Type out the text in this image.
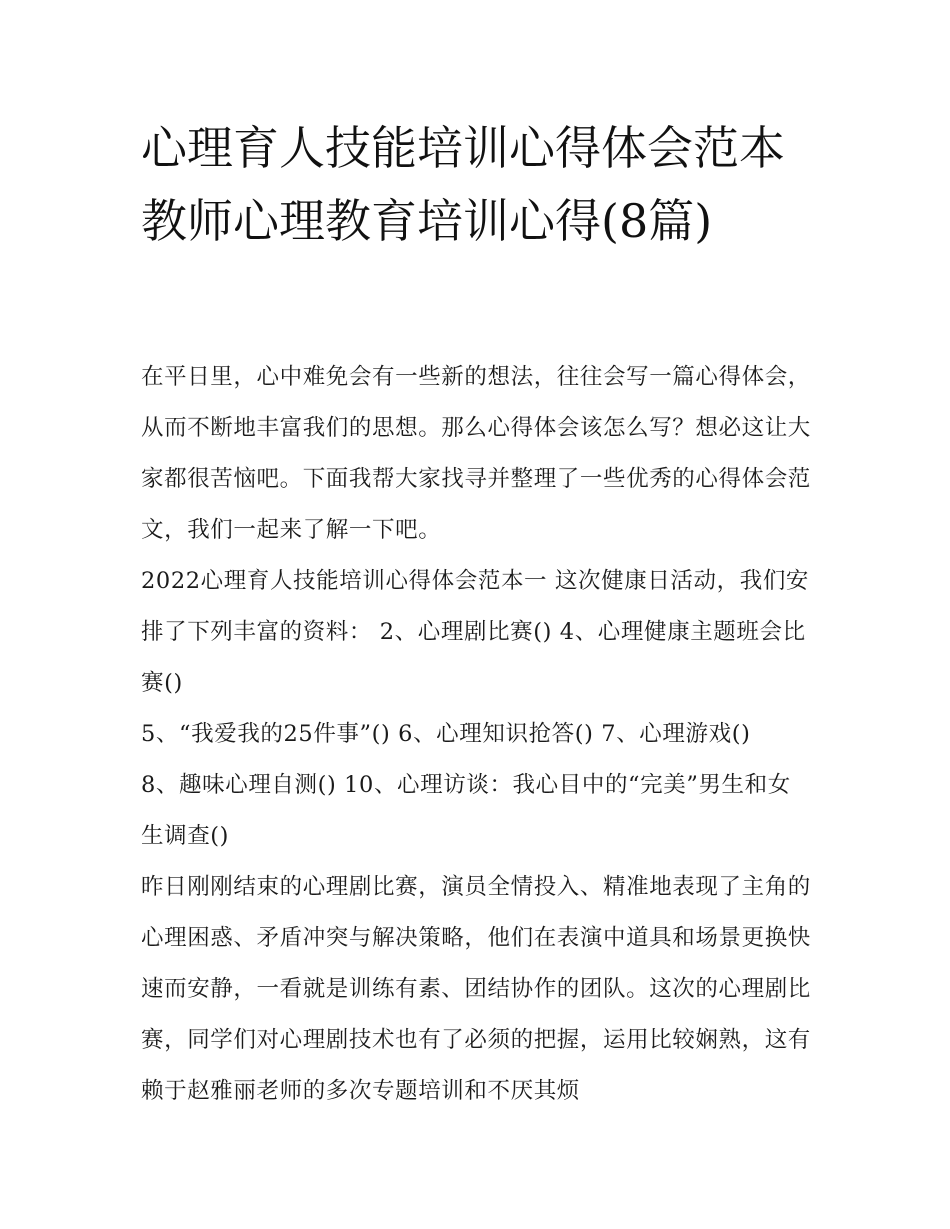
心理育人技能培训心得体会范本 教师心理教育培训心得(8篇)

在平日里，心中难免会有一些新的想法，往往会写一篇心得体会，从而不断地丰富我们的思想。那么心得体会该怎么写？想必这让大家都很苦恼吧。下面我帮大家找寻并整理了一些优秀的心得体会范文，我们一起来了解一下吧。

2022心理育人技能培训心得体会范本一 这次健康日活动，我们安排了下列丰富的资料： 2、心理剧比赛() 4、心理健康主题班会比赛()

5、“我爱我的25件事”() 6、心理知识抢答() 7、心理游戏()

8、趣味心理自测() 10、心理访谈：我心目中的“完美”男生和女生调查()

昨日刚刚结束的心理剧比赛，演员全情投入、精准地表现了主角的心理困惑、矛盾冲突与解决策略，他们在表演中道具和场景更换快速而安静，一看就是训练有素、团结协作的团队。这次的心理剧比赛，同学们对心理剧技术也有了必须的把握，运用比较娴熟，这有赖于赵雅丽老师的多次专题培训和不厌其烦
